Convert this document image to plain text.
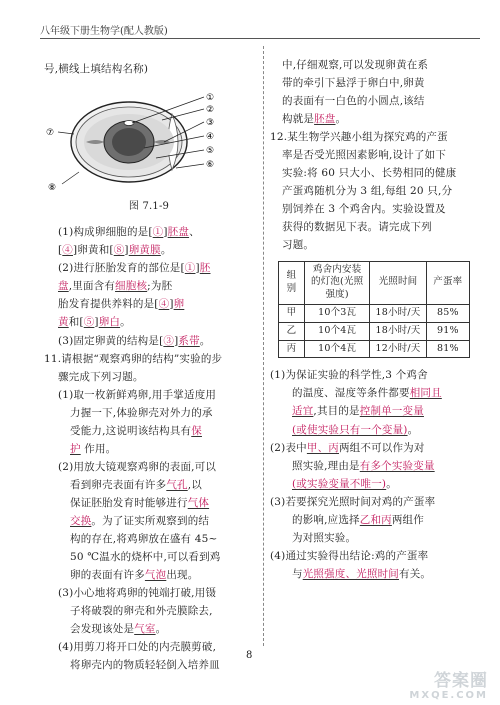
八年级下册生物学(配人教版)

号,横线上填结构名称)

①
②
③
④
⑤
⑥
⑦
⑧
图 7.1-9

(1)构成卵细胞的是[①]胚盘、

[④]卵黄和[⑧]卵黄膜。

(2)进行胚胎发育的部位是[①]胚

盘,里面含有细胞核;为胚

胎发育提供养料的是[④]卵

黄和[⑤]卵白。

(3)固定卵黄的结构是[③]系带。

11.请根据“观察鸡卵的结构”实验的步

骤完成下列习题。

(1)取一枚新鲜鸡卵,用手掌适度用

力握一下,体验卵壳对外力的承

受能力,这说明该结构具有保

护 作用。

(2)用放大镜观察鸡卵的表面,可以

看到卵壳表面有许多气孔,以

保证胚胎发育时能够进行气体

交换。为了证实所观察到的结

构的存在,将鸡卵放在盛有 45~

50 ℃温水的烧杯中,可以看到鸡

卵的表面有许多气泡出现。

(3)小心地将鸡卵的钝端打破,用镊

子将破裂的卵壳和外壳膜除去,

会发现该处是气室。

(4)用剪刀将开口处的内壳膜剪破,

将卵壳内的物质轻轻倒入培养皿

中,仔细观察,可以发现卵黄在系

带的牵引下悬浮于卵白中,卵黄

的表面有一白色的小圆点,该结

构就是胚盘。

12.某生物学兴趣小组为探究鸡的产蛋

率是否受光照因素影响,设计了如下

实验:将 60 只大小、长势相同的健康

产蛋鸡随机分为 3 组,每组 20 只,分

别饲养在 3 个鸡舍内。实验设置及

获得的数据见下表。请完成下列

习题。

组别	鸡舍内安装的灯泡(光照强度)	光照时间	产蛋率
甲	10个3瓦	18小时/天	85%
乙	10个4瓦	18小时/天	91%
丙	10个4瓦	12小时/天	81%

(1)为保证实验的科学性,3 个鸡舍

的温度、湿度等条件都要相同且

适宜,其目的是控制单一变量

(或使实验只有一个变量)。

(2)表中甲、丙两组不可以作为对

照实验,理由是有多个实验变量

(或实验变量不唯一)。

(3)若要探究光照时间对鸡的产蛋率

的影响,应选择乙和丙两组作

为对照实验。

(4)通过实验得出结论:鸡的产蛋率

与光照强度、光照时间有关。

8
答案圈
MXQE.COM
